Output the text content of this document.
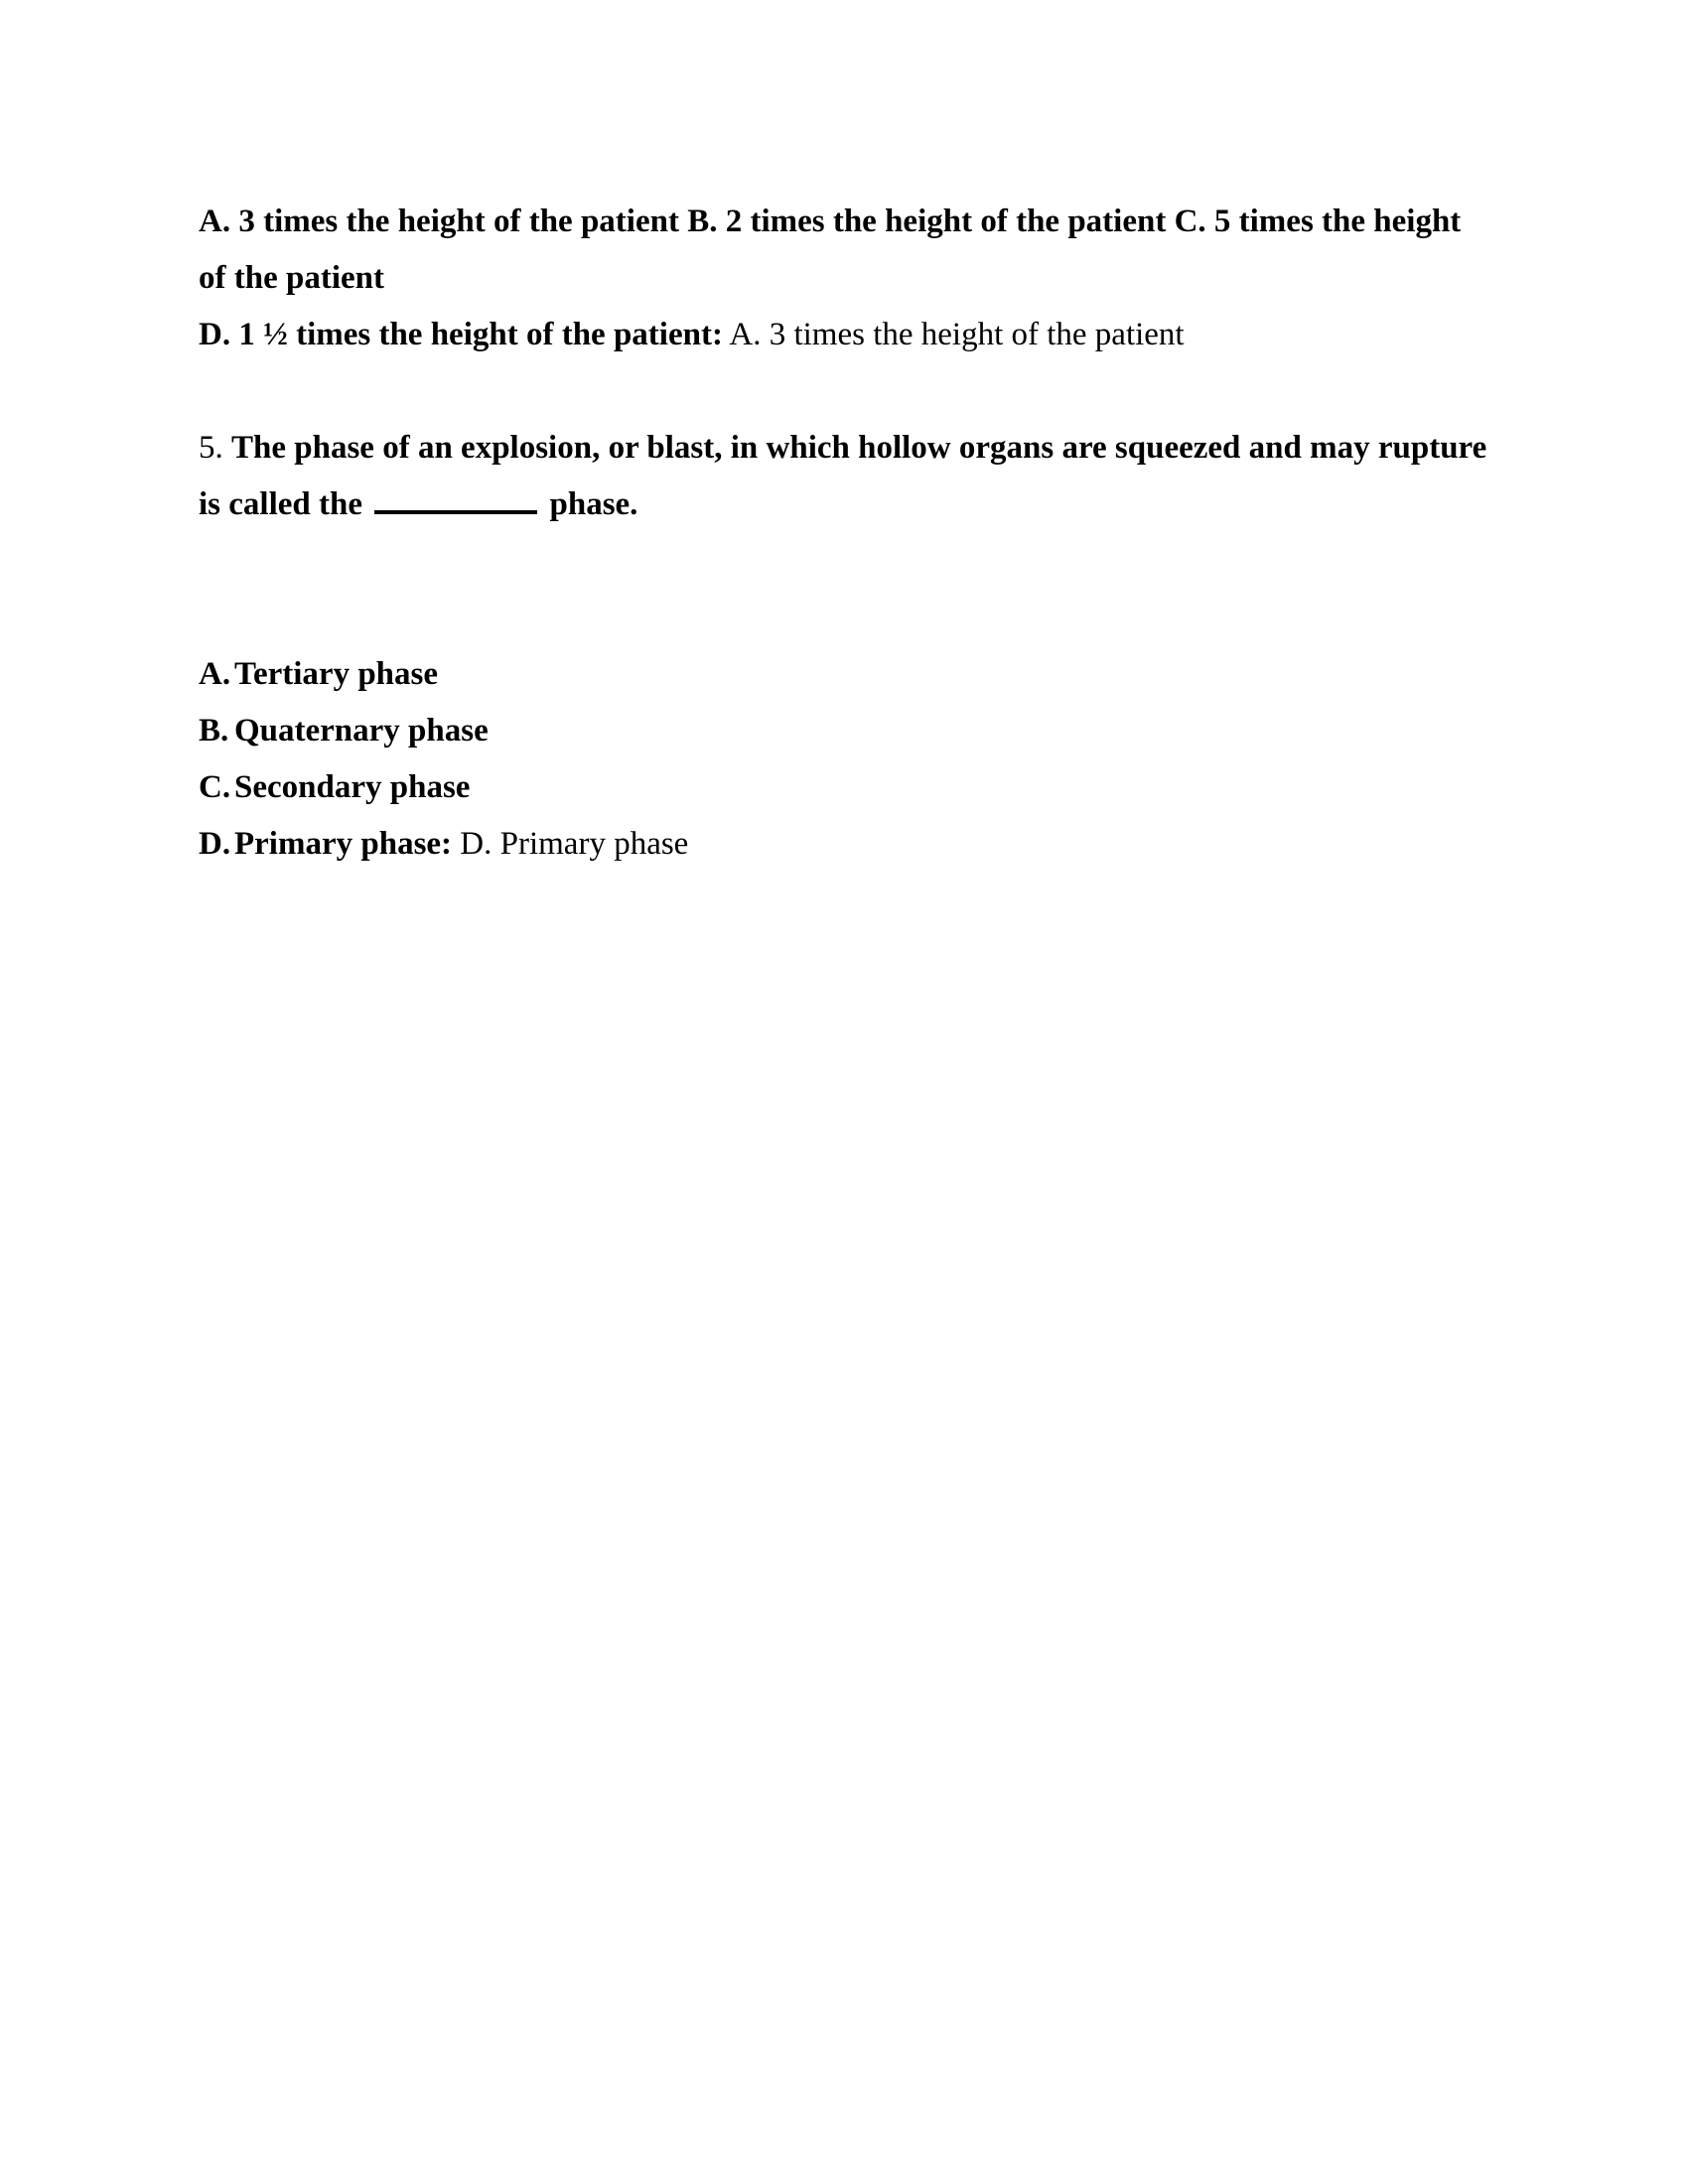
A. 3 times the height of the patient B. 2 times the height of the patient C. 5 times the height of the patient

D. 1 ½ times the height of the patient: A. 3 times the height of the patient

5. The phase of an explosion, or blast, in which hollow organs are squeezed and may rupture is called the	phase.

A. Tertiary phase

B. Quaternary phase

C. Secondary phase

D. Primary phase: D. Primary phase
